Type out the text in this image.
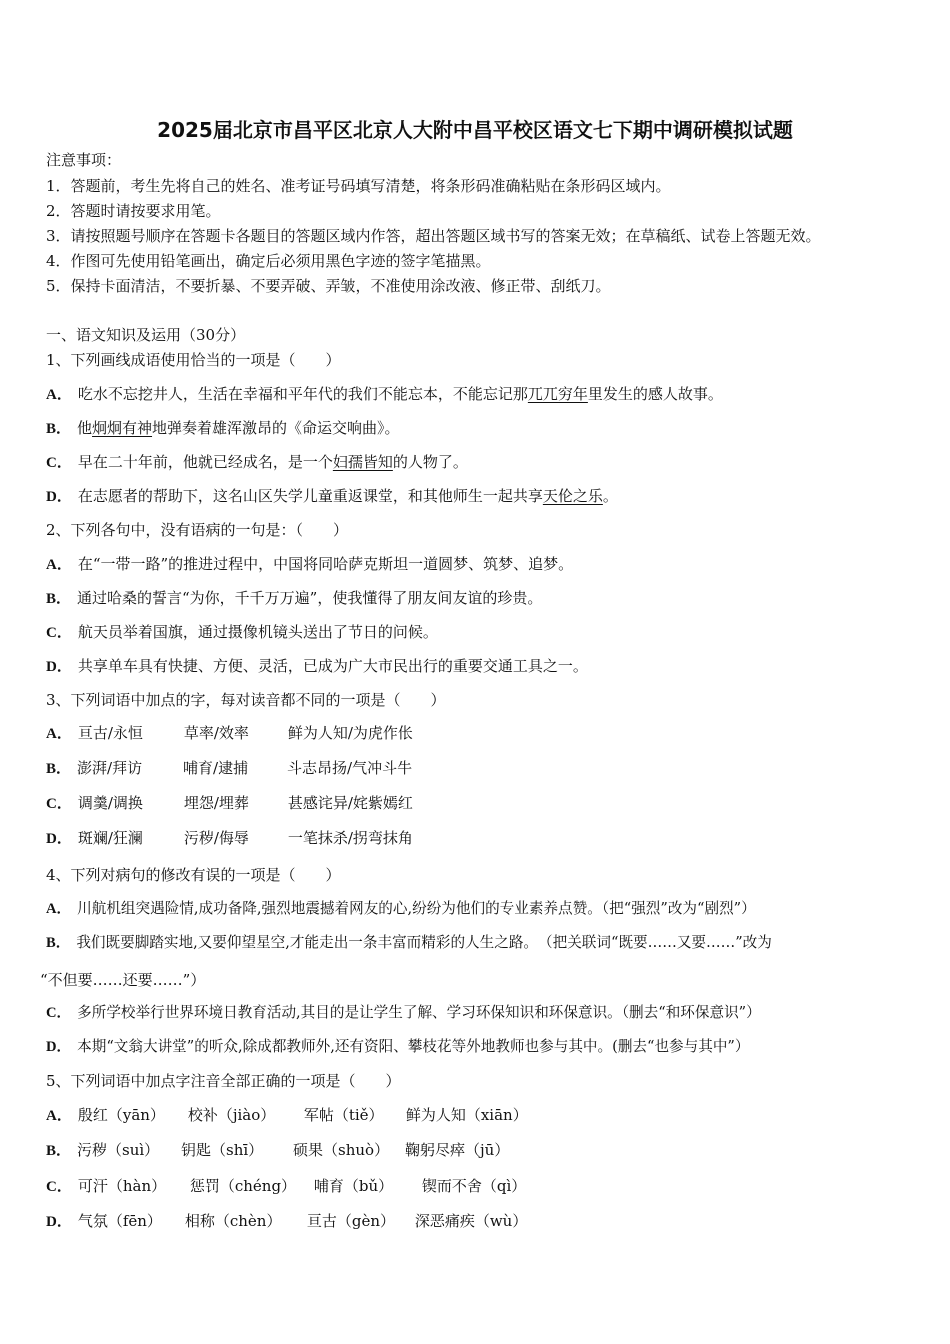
2025届北京市昌平区北京人大附中昌平校区语文七下期中调研模拟试题
注意事项：
1．答题前，考生先将自己的姓名、准考证号码填写清楚，将条形码准确粘贴在条形码区域内。
2．答题时请按要求用笔。
3．请按照题号顺序在答题卡各题目的答题区域内作答，超出答题区域书写的答案无效；在草稿纸、试卷上答题无效。
4．作图可先使用铅笔画出，确定后必须用黑色字迹的签字笔描黑。
5．保持卡面清洁，不要折暴、不要弄破、弄皱，不准使用涂改液、修正带、刮纸刀。
一、语文知识及运用（30分）
1、下列画线成语使用恰当的一项是（　　）
A． 吃水不忘挖井人，生活在幸福和平年代的我们不能忘本，不能忘记那兀兀穷年里发生的感人故事。
B． 他炯炯有神地弹奏着雄浑激昂的《命运交响曲》。
C． 早在二十年前，他就已经成名，是一个妇孺皆知的人物了。
D． 在志愿者的帮助下，这名山区失学儿童重返课堂，和其他师生一起共享天伦之乐。
2、下列各句中，没有语病的一句是：（　　）
A． 在“一带一路”的推进过程中，中国将同哈萨克斯坦一道圆梦、筑梦、追梦。
B． 通过哈桑的誓言“为你，千千万万遍”，使我懂得了朋友间友谊的珍贵。
C． 航天员举着国旗，通过摄像机镜头送出了节日的问候。
D． 共享单车具有快捷、方便、灵活，已成为广大市民出行的重要交通工具之一。
3、下列词语中加点的字，每对读音都不同的一项是（　　）
A． 亘古/永恒	草率/效率	鲜为人知/为虎作伥
B． 澎湃/拜访	哺育/逮捕	斗志昂扬/气冲斗牛
C． 调羹/调换	埋怨/埋葬	甚感诧异/姹紫嫣红
D． 斑斓/狂澜	污秽/侮辱	一笔抹杀/拐弯抹角
4、下列对病句的修改有误的一项是（　　）
A． 川航机组突遇险情,成功备降,强烈地震撼着网友的心,纷纷为他们的专业素养点赞。（把“强烈”改为“剧烈”）
B． 我们既要脚踏实地,又要仰望星空,才能走出一条丰富而精彩的人生之路。　（把关联词“既要……又要……”改为
“不但要……还要……”）
C． 多所学校举行世界环境日教育活动,其目的是让学生了解、学习环保知识和环保意识。（删去“和环保意识”）
D． 本期“文翁大讲堂”的听众,除成都教师外,还有资阳、攀枝花等外地教师也参与其中。(删去“也参与其中”）
5、下列词语中加点字注音全部正确的一项是（　　）
A． 殷红（yān） 校补（jiào） 军帖（tiě） 鲜为人知（xiān）
B． 污秽（suì） 钥匙（shī） 硕果（shuò） 鞠躬尽瘁（jū）
C． 可汗（hàn） 惩罚（chéng） 哺育（bǔ） 锲而不舍（qì）
D． 气氛（fēn） 相称（chèn） 亘古（gèn） 深恶痛疾（wù）
